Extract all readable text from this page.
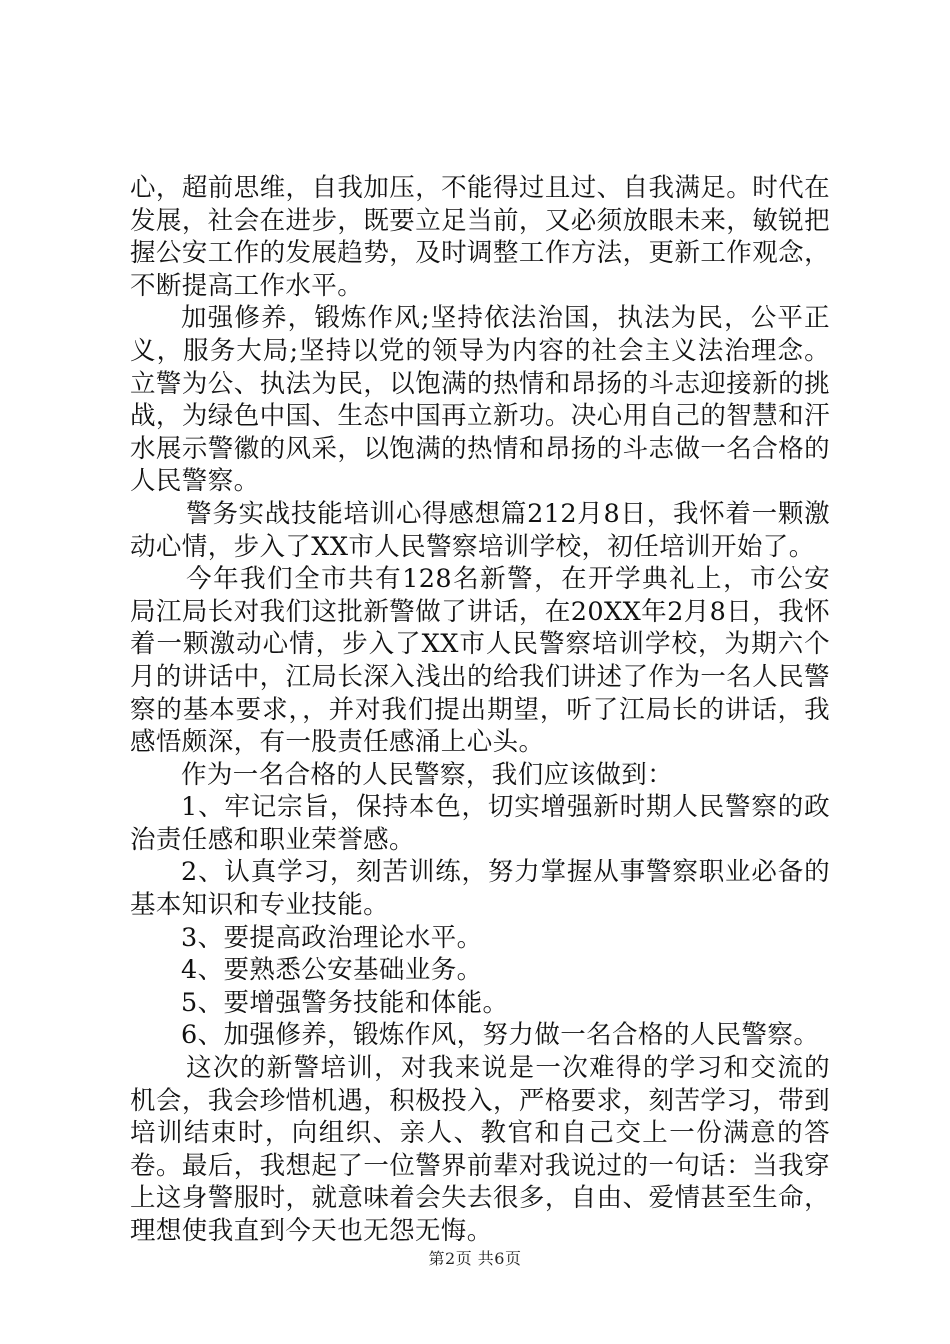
心，超前思维，自我加压，不能得过且过、自我满足。时代在发展，社会在进步，既要立足当前，又必须放眼未来，敏锐把握公安工作的发展趋势，及时调整工作方法，更新工作观念，不断提高工作水平。

加强修养，锻炼作风;坚持依法治国，执法为民，公平正义，服务大局;坚持以党的领导为内容的社会主义法治理念。立警为公、执法为民，以饱满的热情和昂扬的斗志迎接新的挑战，为绿色中国、生态中国再立新功。决心用自己的智慧和汗水展示警徽的风采，以饱满的热情和昂扬的斗志做一名合格的人民警察。

警务实战技能培训心得感想篇212月8日，我怀着一颗激动心情，步入了XX市人民警察培训学校，初任培训开始了。

今年我们全市共有128名新警，在开学典礼上，市公安局江局长对我们这批新警做了讲话，在20XX年2月8日，我怀着一颗激动心情，步入了XX市人民警察培训学校，为期六个月的讲话中，江局长深入浅出的给我们讲述了作为一名人民警察的基本要求，，并对我们提出期望，听了江局长的讲话，我感悟颇深，有一股责任感涌上心头。

作为一名合格的人民警察，我们应该做到：

1、牢记宗旨，保持本色，切实增强新时期人民警察的政治责任感和职业荣誉感。

2、认真学习，刻苦训练，努力掌握从事警察职业必备的基本知识和专业技能。

3、要提高政治理论水平。

4、要熟悉公安基础业务。

5、要增强警务技能和体能。

6、加强修养，锻炼作风，努力做一名合格的人民警察。

这次的新警培训，对我来说是一次难得的学习和交流的机会，我会珍惜机遇，积极投入，严格要求，刻苦学习，带到培训结束时，向组织、亲人、教官和自己交上一份满意的答卷。最后，我想起了一位警界前辈对我说过的一句话：当我穿上这身警服时，就意味着会失去很多，自由、爱情甚至生命，理想使我直到今天也无怨无悔。

第2页 共6页
